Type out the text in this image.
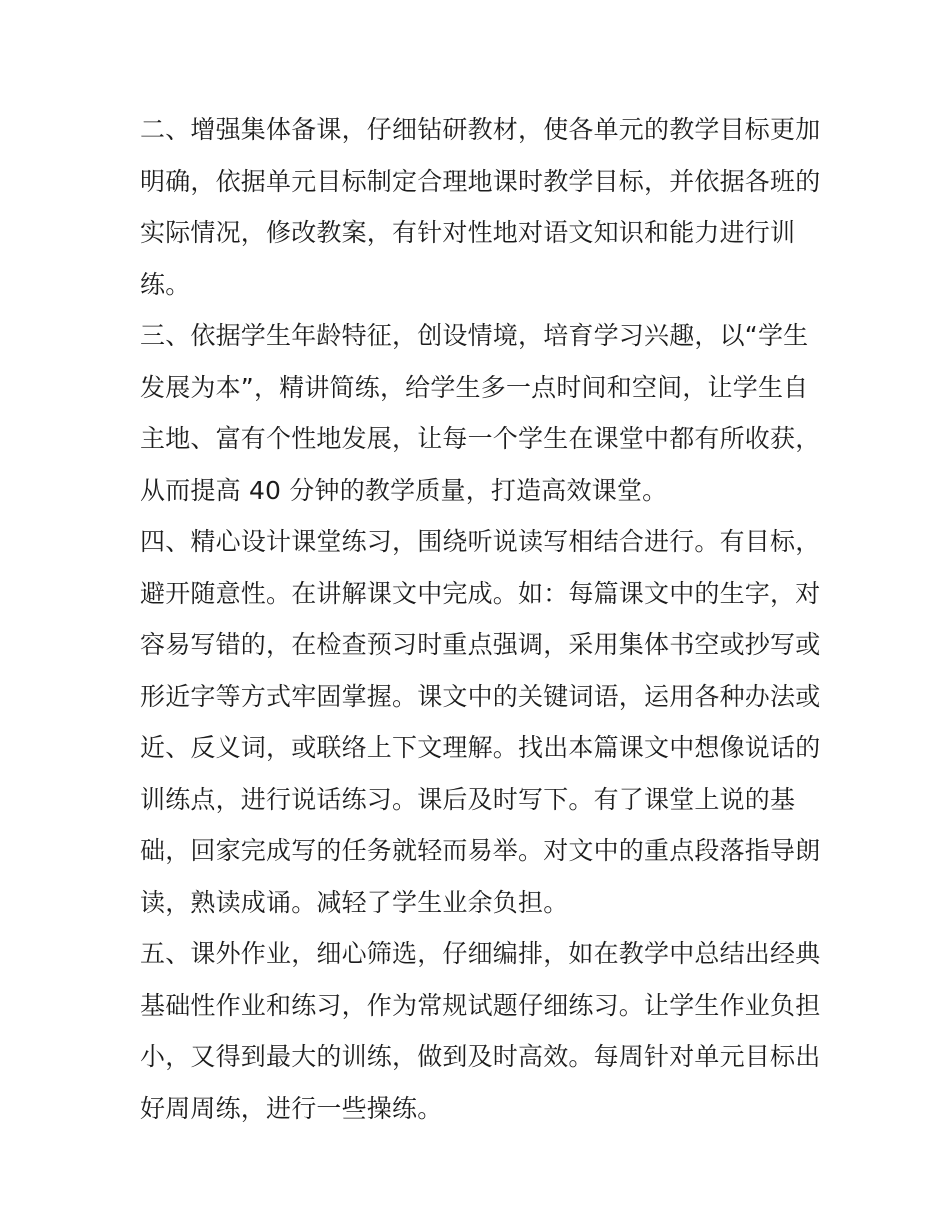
二、增强集体备课，仔细钻研教材，使各单元的教学目标更加
明确，依据单元目标制定合理地课时教学目标，并依据各班的
实际情况，修改教案，有针对性地对语文知识和能力进行训
练。
三、依据学生年龄特征，创设情境，培育学习兴趣，以“学生
发展为本”，精讲简练，给学生多一点时间和空间，让学生自
主地、富有个性地发展，让每一个学生在课堂中都有所收获，
从而提高 40 分钟的教学质量，打造高效课堂。
四、精心设计课堂练习，围绕听说读写相结合进行。有目标，
避开随意性。在讲解课文中完成。如：每篇课文中的生字，对
容易写错的，在检查预习时重点强调，采用集体书空或抄写或
形近字等方式牢固掌握。课文中的关键词语，运用各种办法或
近、反义词，或联络上下文理解。找出本篇课文中想像说话的
训练点，进行说话练习。课后及时写下。有了课堂上说的基
础，回家完成写的任务就轻而易举。对文中的重点段落指导朗
读，熟读成诵。减轻了学生业余负担。
五、课外作业，细心筛选，仔细编排，如在教学中总结出经典
基础性作业和练习，作为常规试题仔细练习。让学生作业负担
小，又得到最大的训练，做到及时高效。每周针对单元目标出
好周周练，进行一些操练。
